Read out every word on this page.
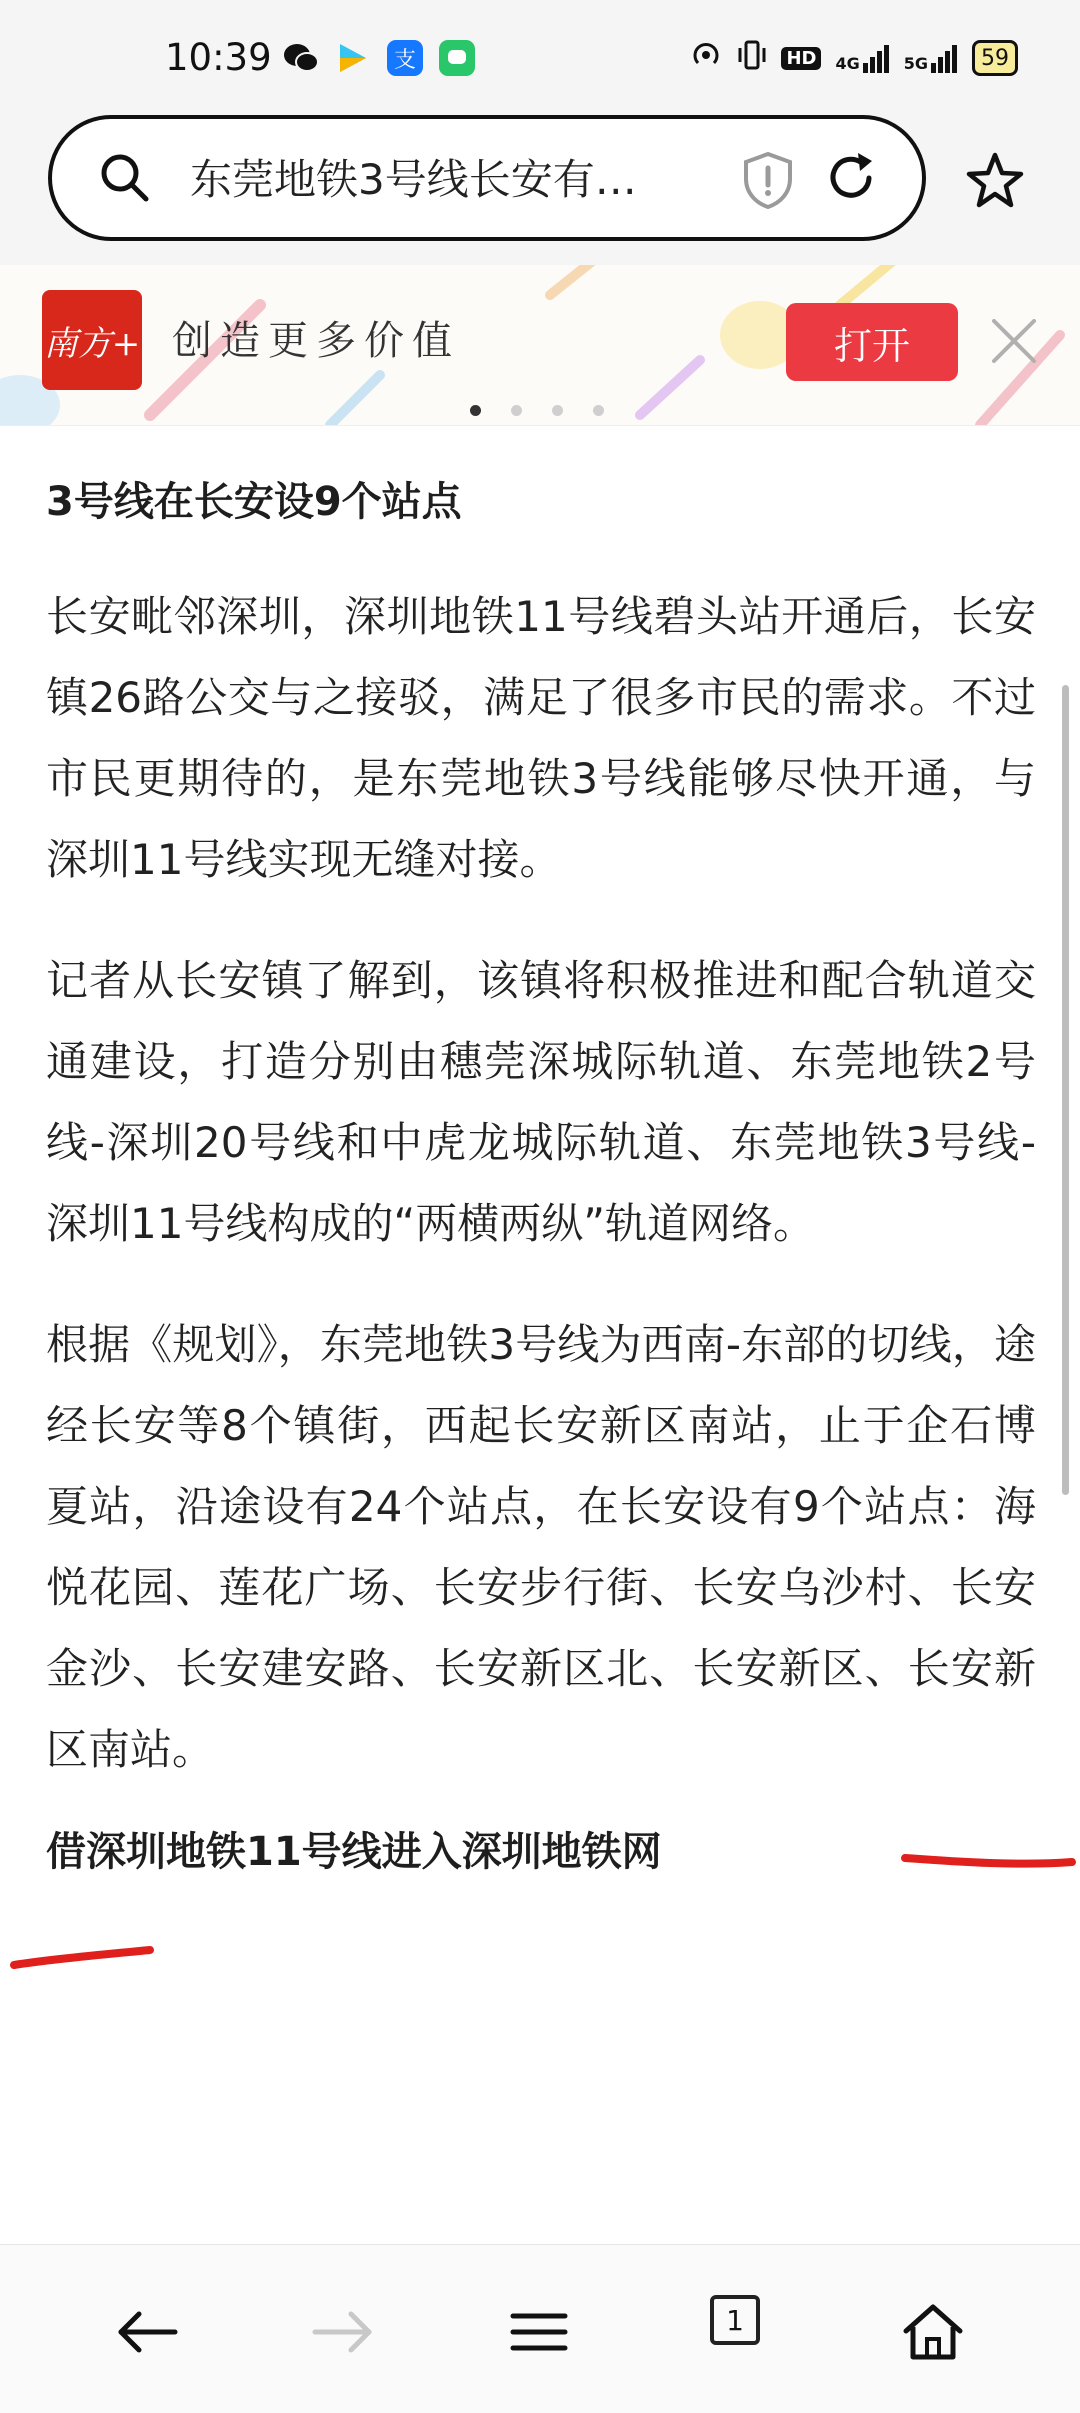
10:39	支	HD	4G	5G	59
东莞地铁3号线长安有…
南方+ 创造更多价值	打开
3号线在长安设9个站点

长安毗邻深圳，深圳地铁11号线碧头站开通后，长安镇26路公交与之接驳，满足了很多市民的需求。不过市民更期待的，是东莞地铁3号线能够尽快开通，与深圳11号线实现无缝对接。

记者从长安镇了解到，该镇将积极推进和配合轨道交通建设，打造分别由穗莞深城际轨道、东莞地铁2号线-深圳20号线和中虎龙城际轨道、东莞地铁3号线-深圳11号线构成的“两横两纵”轨道网络。

根据《规划》，东莞地铁3号线为西南-东部的切线，途经长安等8个镇街，西起长安新区南站，止于企石博夏站，沿途设有24个站点，在长安设有9个站点：海悦花园、莲花广场、长安步行街、长安乌沙村、长安金沙、长安建安路、长安新区北、长安新区、长安新区南站。

借深圳地铁11号线进入深圳地铁网
1
